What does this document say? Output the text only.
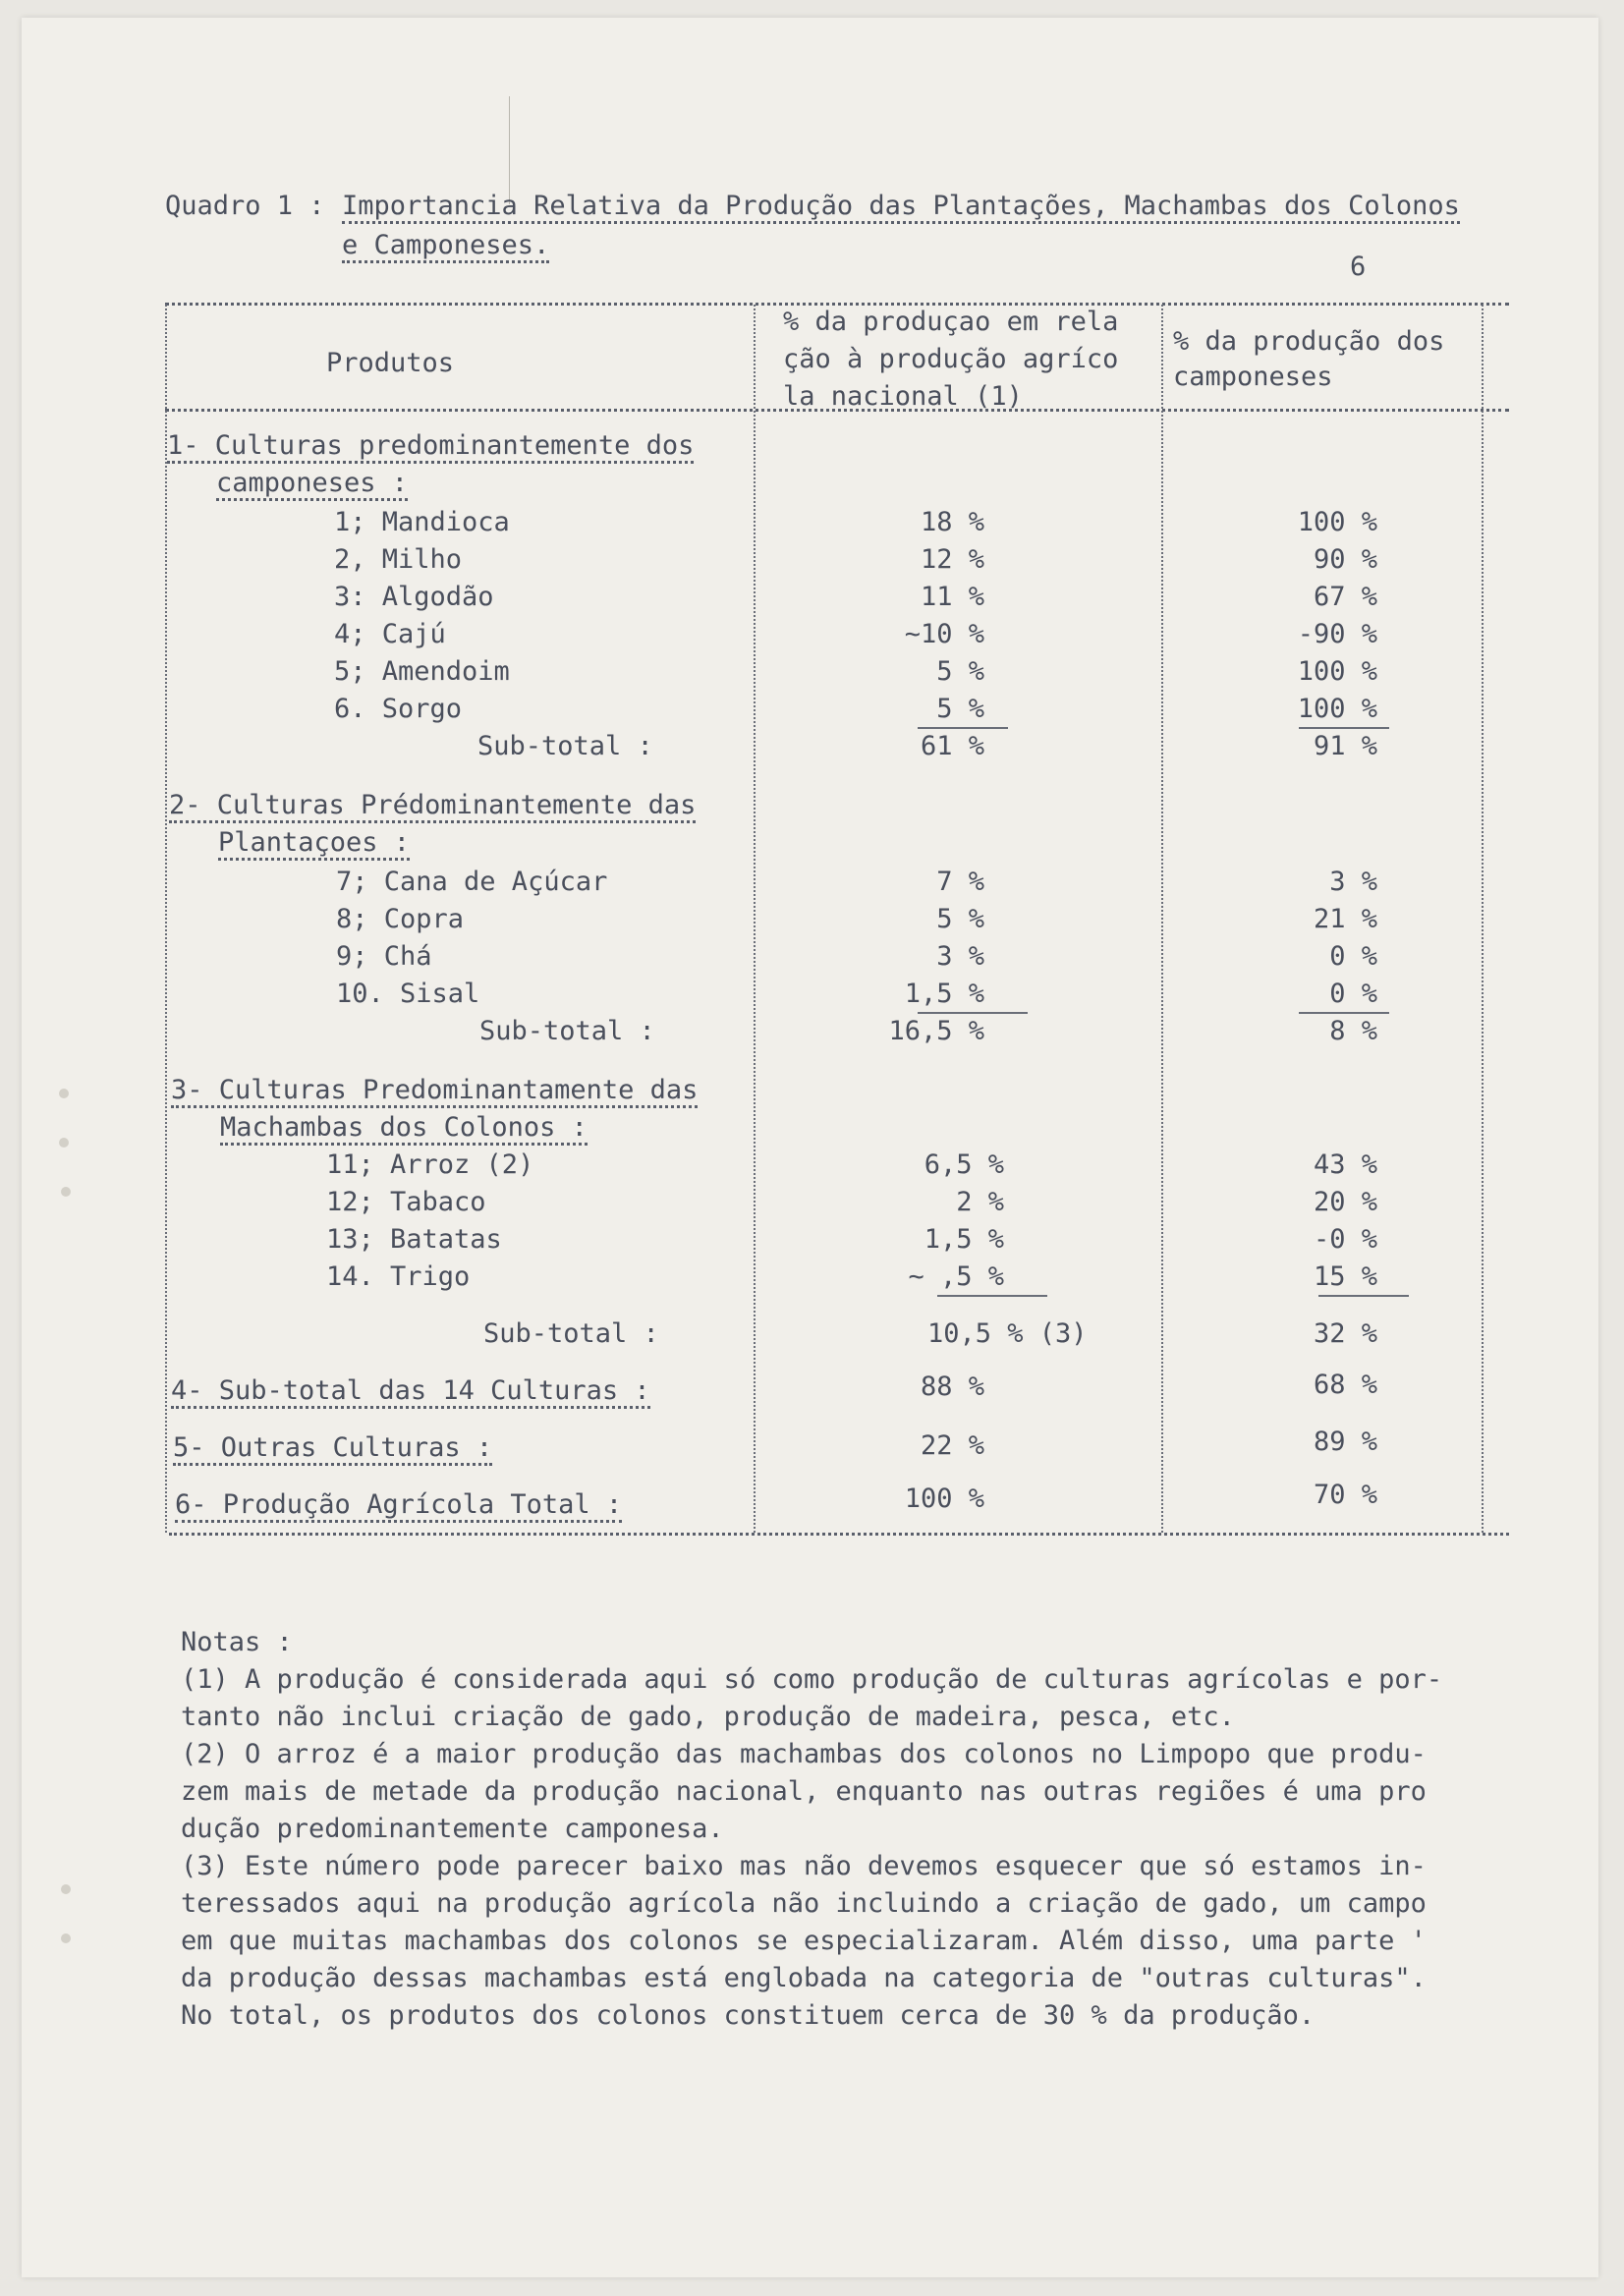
Quadro 1 : Importancia Relativa da Produção das Plantações, Machambas dos Colonos
e Camponeses.
6
Produtos
% da produçao em rela
ção à produção agríco
la nacional (1)
% da produção dos
camponeses
1- Culturas predominantemente dos
camponeses :
1; Mandioca	18 %	100 %
2, Milho	12 %	90 %
3: Algodão	11 %	67 %
4; Cajú	~10 %	-90 %
5; Amendoim	5 %	100 %
6. Sorgo	5 %	100 %
Sub-total :	61 %	91 %
2- Culturas Prédominantemente das
Plantaçoes :
7; Cana de Açúcar	7 %	3 %
8; Copra	5 %	21 %
9; Chá	3 %	0 %
10. Sisal	1,5 %	0 %
Sub-total :	16,5 %	8 %
3- Culturas Predominantamente das
Machambas dos Colonos :
11; Arroz (2)	6,5 %	43 %
12; Tabaco	2 %	20 %
13; Batatas	1,5 %	-0 %
14. Trigo	~ ,5 %	15 %
Sub-total :	10,5 % (3)	32 %
4- Sub-total das 14 Culturas :	88 %	68 %
5- Outras Culturas :	22 %	89 %
6- Produção Agrícola Total :	100 %	70 %
Notas :
(1) A produção é considerada aqui só como produção de culturas agrícolas e por-
tanto não inclui criação de gado, produção de madeira, pesca, etc.
(2) O arroz é a maior produção das machambas dos colonos no Limpopo que produ-
zem mais de metade da produção nacional, enquanto nas outras regiões é uma pro
dução predominantemente camponesa.
(3) Este número pode parecer baixo mas não devemos esquecer que só estamos in-
teressados aqui na produção agrícola não incluindo a criação de gado, um campo
em que muitas machambas dos colonos se especializaram. Além disso, uma parte '
da produção dessas machambas está englobada na categoria de "outras culturas".
No total, os produtos dos colonos constituem cerca de 30 % da produção.
